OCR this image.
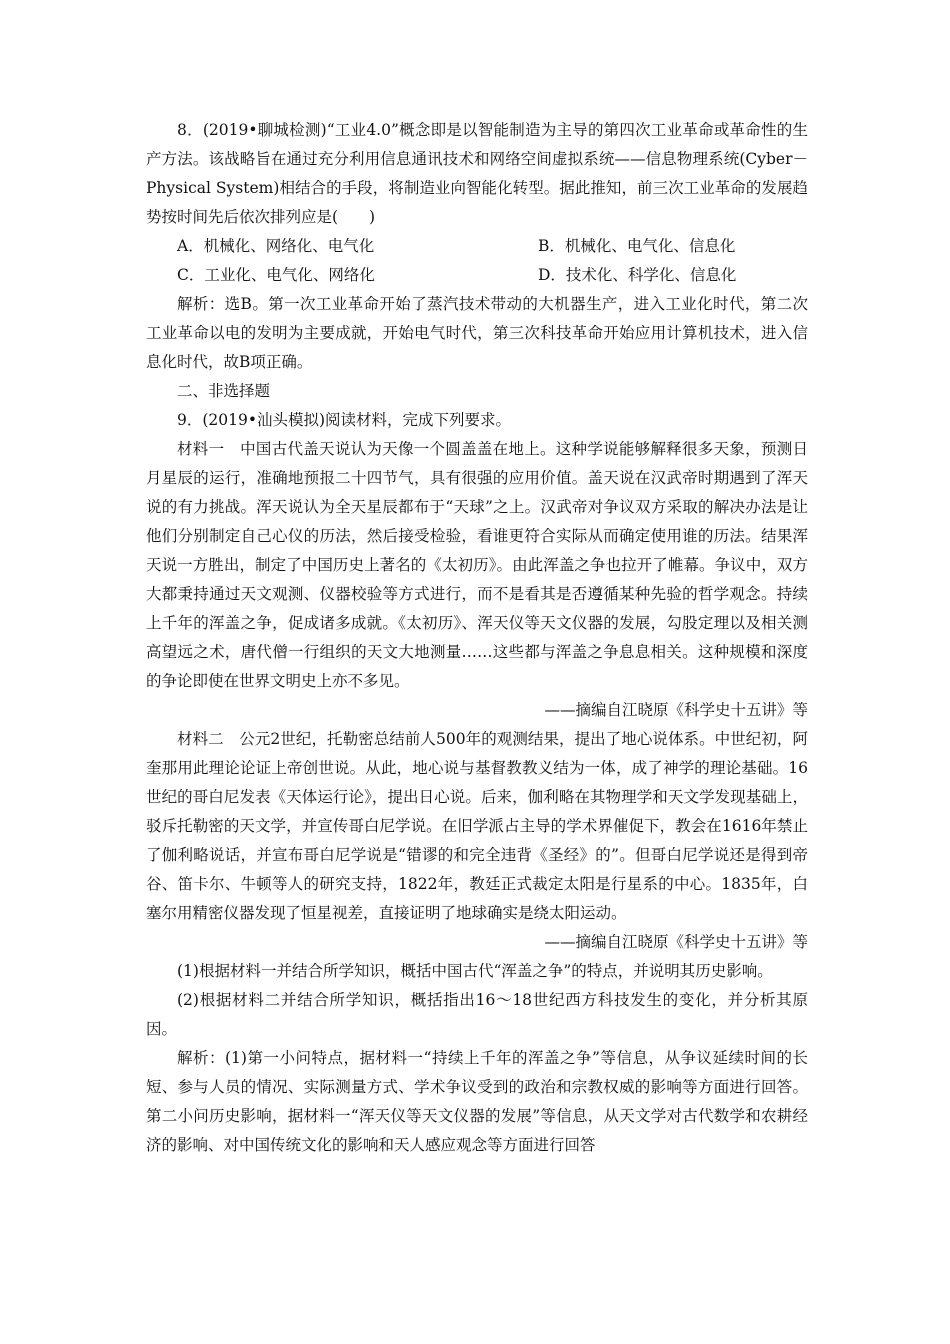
8．(2019•聊城检测)“工业4.0”概念即是以智能制造为主导的第四次工业革命或革命性的生产方法。该战略旨在通过充分利用信息通讯技术和网络空间虚拟系统——信息物理系统(Cyber－Physical System)相结合的手段，将制造业向智能化转型。据此推知，前三次工业革命的发展趋势按时间先后依次排列应是(　　)

A．机械化、网络化、电气化	B．机械化、电气化、信息化
C．工业化、电气化、网络化	D．技术化、科学化、信息化

解析：选B。第一次工业革命开始了蒸汽技术带动的大机器生产，进入工业化时代，第二次工业革命以电的发明为主要成就，开始电气时代，第三次科技革命开始应用计算机技术，进入信息化时代，故B项正确。

二、非选择题

9．(2019•汕头模拟)阅读材料，完成下列要求。

材料一　中国古代盖天说认为天像一个圆盖盖在地上。这种学说能够解释很多天象，预测日月星辰的运行，准确地预报二十四节气，具有很强的应用价值。盖天说在汉武帝时期遇到了浑天说的有力挑战。浑天说认为全天星辰都布于“天球”之上。汉武帝对争议双方采取的解决办法是让他们分别制定自己心仪的历法，然后接受检验，看谁更符合实际从而确定使用谁的历法。结果浑天说一方胜出，制定了中国历史上著名的《太初历》。由此浑盖之争也拉开了帷幕。争议中，双方大都秉持通过天文观测、仪器校验等方式进行，而不是看其是否遵循某种先验的哲学观念。持续上千年的浑盖之争，促成诸多成就。《太初历》、浑天仪等天文仪器的发展，勾股定理以及相关测高望远之术，唐代僧一行组织的天文大地测量……这些都与浑盖之争息息相关。这种规模和深度的争论即使在世界文明史上亦不多见。

——摘编自江晓原《科学史十五讲》等

材料二　公元2世纪，托勒密总结前人500年的观测结果，提出了地心说体系。中世纪初，阿奎那用此理论论证上帝创世说。从此，地心说与基督教教义结为一体，成了神学的理论基础。16世纪的哥白尼发表《天体运行论》，提出日心说。后来，伽利略在其物理学和天文学发现基础上，驳斥托勒密的天文学，并宣传哥白尼学说。在旧学派占主导的学术界催促下，教会在1616年禁止了伽利略说话，并宣布哥白尼学说是“错谬的和完全违背《圣经》的”。但哥白尼学说还是得到帝谷、笛卡尔、牛顿等人的研究支持，1822年，教廷正式裁定太阳是行星系的中心。1835年，白塞尔用精密仪器发现了恒星视差，直接证明了地球确实是绕太阳运动。

——摘编自江晓原《科学史十五讲》等

(1)根据材料一并结合所学知识，概括中国古代“浑盖之争”的特点，并说明其历史影响。

(2)根据材料二并结合所学知识，概括指出16～18世纪西方科技发生的变化，并分析其原因。

解析：(1)第一小问特点，据材料一“持续上千年的浑盖之争”等信息，从争议延续时间的长短、参与人员的情况、实际测量方式、学术争议受到的政治和宗教权威的影响等方面进行回答。第二小问历史影响，据材料一“浑天仪等天文仪器的发展”等信息，从天文学对古代数学和农耕经济的影响、对中国传统文化的影响和天人感应观念等方面进行回答
